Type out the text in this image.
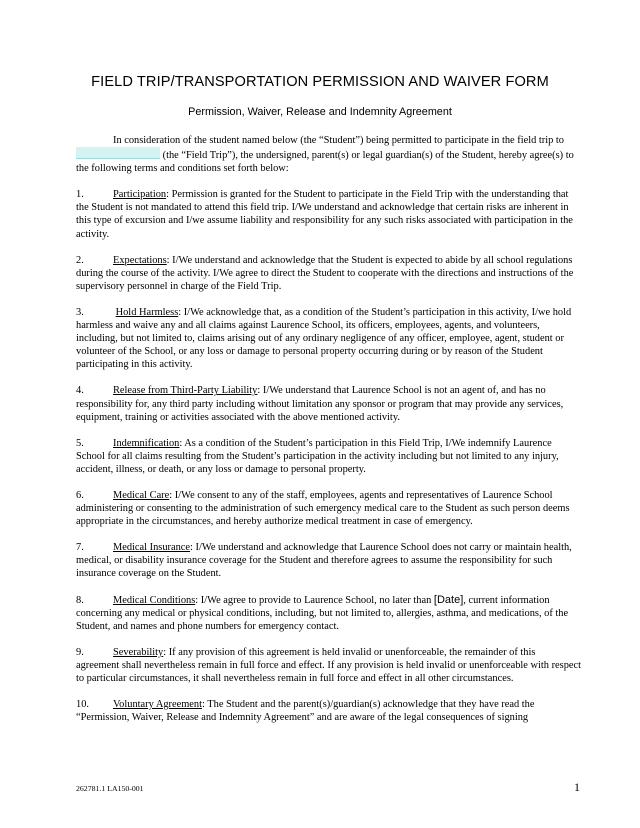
FIELD TRIP/TRANSPORTATION PERMISSION AND WAIVER FORM
Permission, Waiver, Release and Indemnity Agreement

In consideration of the student named below (the “Student”) being permitted to participate in the field trip to  (the “Field Trip”), the undersigned, parent(s) or legal guardian(s) of the Student, hereby agree(s) to the following terms and conditions set forth below:

1.	Participation: Permission is granted for the Student to participate in the Field Trip with the understanding that the Student is not mandated to attend this field trip. I/We understand and acknowledge that certain risks are inherent in this type of excursion and I/we assume liability and responsibility for any such risks associated with participation in the activity.

2.	Expectations: I/We understand and acknowledge that the Student is expected to abide by all school regulations during the course of the activity. I/We agree to direct the Student to cooperate with the directions and instructions of the supervisory personnel in charge of the Field Trip.

3.	Hold Harmless: I/We acknowledge that, as a condition of the Student’s participation in this activity, I/we hold harmless and waive any and all claims against Laurence School, its officers, employees, agents, and volunteers, including, but not limited to, claims arising out of any ordinary negligence of any officer, employee, agent, student or volunteer of the School, or any loss or damage to personal property occurring during or by reason of the Student participating in this activity.

4.	Release from Third-Party Liability: I/We understand that Laurence School is not an agent of, and has no responsibility for, any third party including without limitation any sponsor or program that may provide any services, equipment, training or activities associated with the above mentioned activity.

5.	Indemnification: As a condition of the Student’s participation in this Field Trip, I/We indemnify Laurence School for all claims resulting from the Student’s participation in the activity including but not limited to any injury, accident, illness, or death, or any loss or damage to personal property.

6.	Medical Care: I/We consent to any of the staff, employees, agents and representatives of Laurence School administering or consenting to the administration of such emergency medical care to the Student as such person deems appropriate in the circumstances, and hereby authorize medical treatment in case of emergency.

7.	Medical Insurance: I/We understand and acknowledge that Laurence School does not carry or maintain health, medical, or disability insurance coverage for the Student and therefore agrees to assume the responsibility for such insurance coverage on the Student.

8.	Medical Conditions: I/We agree to provide to Laurence School, no later than [Date], current information concerning any medical or physical conditions, including, but not limited to, allergies, asthma, and medications, of the Student, and names and phone numbers for emergency contact.

9.	Severability: If any provision of this agreement is held invalid or unenforceable, the remainder of this agreement shall nevertheless remain in full force and effect. If any provision is held invalid or unenforceable with respect to particular circumstances, it shall nevertheless remain in full force and effect in all other circumstances.

10. Voluntary Agreement: The Student and the parent(s)/guardian(s) acknowledge that they have read the “Permission, Waiver, Release and Indemnity Agreement” and are aware of the legal consequences of signing

262781.1 LA150-001	1
